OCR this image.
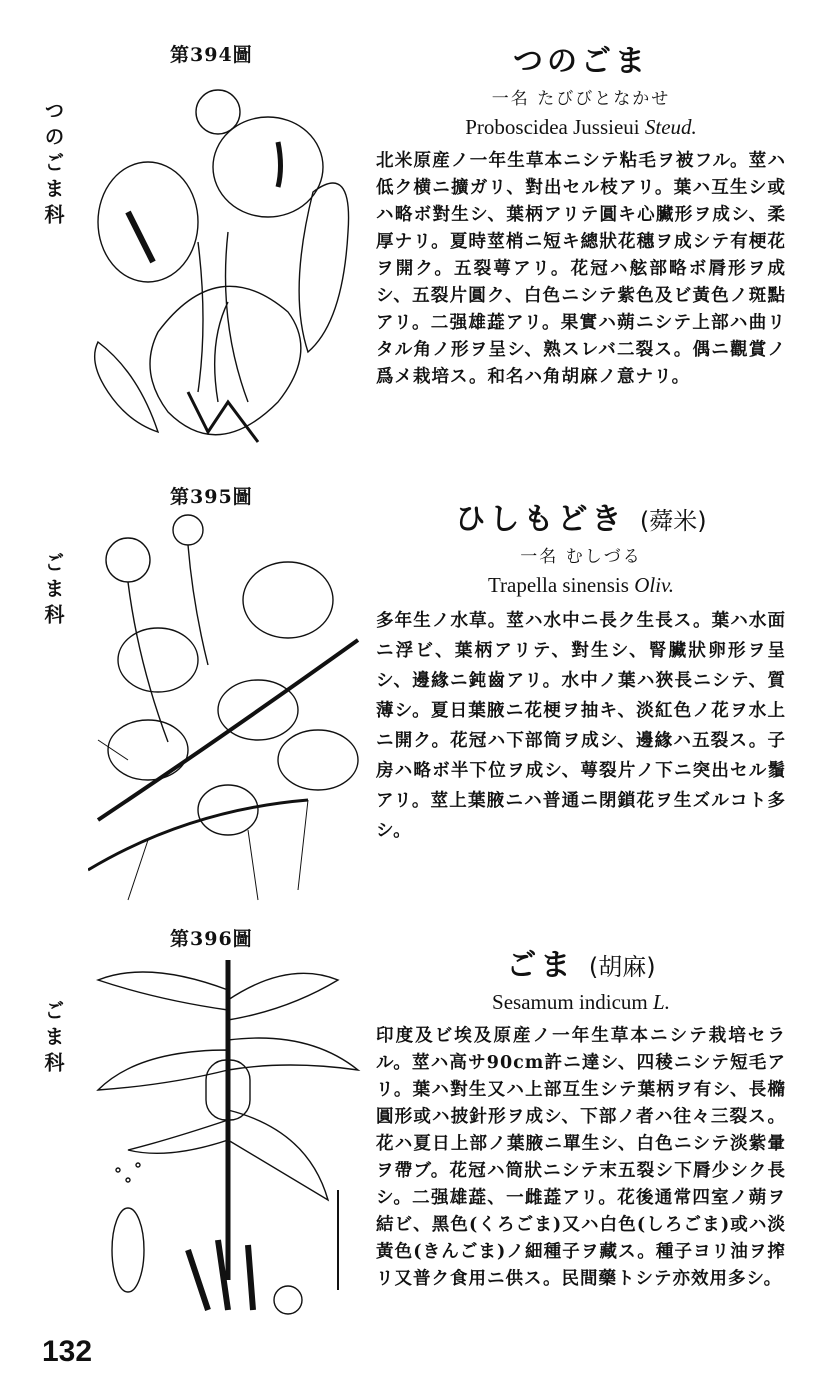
第394圖
つのごま科
つのごま
一名 たびびとなかせ
Proboscidea Jussieui Steud.
北米原産ノ一年生草本ニシテ粘毛ヲ被フル。莖ハ低ク横ニ擴ガリ、對出セル枝アリ。葉ハ互生シ或ハ略ボ對生シ、葉柄アリテ圓キ心臟形ヲ成シ、柔厚ナリ。夏時莖梢ニ短キ總狀花穗ヲ成シテ有梗花ヲ開ク。五裂萼アリ。花冠ハ舷部略ボ脣形ヲ成シ、五裂片圓ク、白色ニシテ紫色及ビ黃色ノ斑點アリ。二强雄蕋アリ。果實ハ蒴ニシテ上部ハ曲リタル角ノ形ヲ呈シ、熟スレバ二裂ス。偶ニ觀賞ノ爲メ栽培ス。和名ハ角胡麻ノ意ナリ。
第395圖
ごま科
ひしもどき (蕣米)
一名 むしづる
Trapella sinensis Oliv.
多年生ノ水草。莖ハ水中ニ長ク生長ス。葉ハ水面ニ浮ビ、葉柄アリテ、對生シ、腎臟狀卵形ヲ呈シ、邊緣ニ鈍齒アリ。水中ノ葉ハ狹長ニシテ、質薄シ。夏日葉腋ニ花梗ヲ抽キ、淡紅色ノ花ヲ水上ニ開ク。花冠ハ下部筒ヲ成シ、邊緣ハ五裂ス。子房ハ略ボ半下位ヲ成シ、萼裂片ノ下ニ突出セル鬚アリ。莖上葉腋ニハ普通ニ閉鎖花ヲ生ズルコト多シ。
第396圖
ごま科
ごま (胡麻)
Sesamum indicum L.
印度及ビ埃及原産ノ一年生草本ニシテ栽培セラル。莖ハ高サ90cm許ニ達シ、四稜ニシテ短毛アリ。葉ハ對生又ハ上部互生シテ葉柄ヲ有シ、長橢圓形或ハ披針形ヲ成シ、下部ノ者ハ往々三裂ス。花ハ夏日上部ノ葉腋ニ單生シ、白色ニシテ淡紫暈ヲ帶ブ。花冠ハ筒狀ニシテ末五裂シ下脣少シク長シ。二强雄蕋、一雌蕋アリ。花後通常四室ノ蒴ヲ結ビ、黑色(くろごま)又ハ白色(しろごま)或ハ淡黃色(きんごま)ノ細種子ヲ藏ス。種子ヨリ油ヲ搾リ又普ク食用ニ供ス。民間藥トシテ亦效用多シ。
132
